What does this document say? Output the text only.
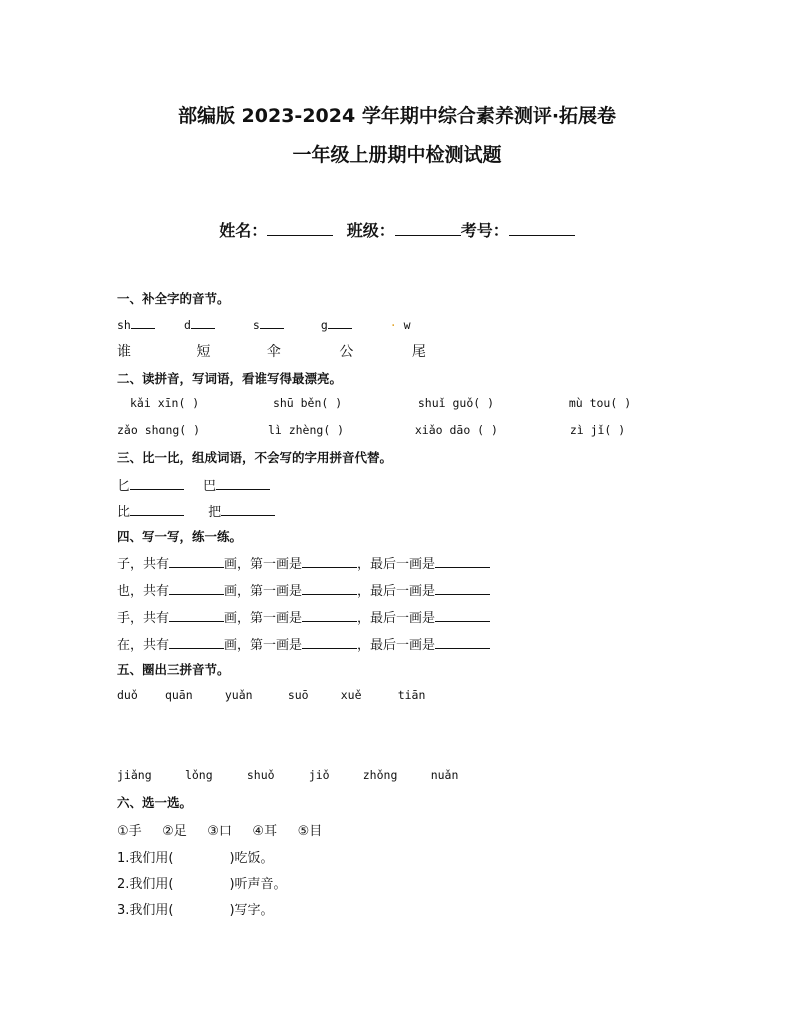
部编版 2023-2024 学年期中综合素养测评·拓展卷
一年级上册期中检测试题
姓名：	班级：	考号：
一、补全字的音节。
sh	d	s	g	· w
谁	短	伞	公	尾
二、读拼音，写词语，看谁写得最漂亮。
kǎi xīn( )	shū běn( )	shuǐ guǒ( )	mù tou( )
zǎo shɑng( )	lì zhèng( )	xiǎo dāo ( )	zì jǐ( )
三、比一比，组成词语，不会写的字用拼音代替。
匕	巴
比	把
四、写一写，练一练。
子，共有	画，第一画是	，最后一画是
也，共有	画，第一画是	，最后一画是
手，共有	画，第一画是	，最后一画是
在，共有	画，第一画是	，最后一画是
五、圈出三拼音节。
duǒ quān	yuǎn	suō	xuě	tiān
jiǎng	lǒng	shuǒ	jiǒ	zhǒng	nuǎn
六、选一选。
①手 ②足 ③口 ④耳 ⑤目
1.我们用(	)吃饭。
2.我们用(	)听声音。
3.我们用(	)写字。
